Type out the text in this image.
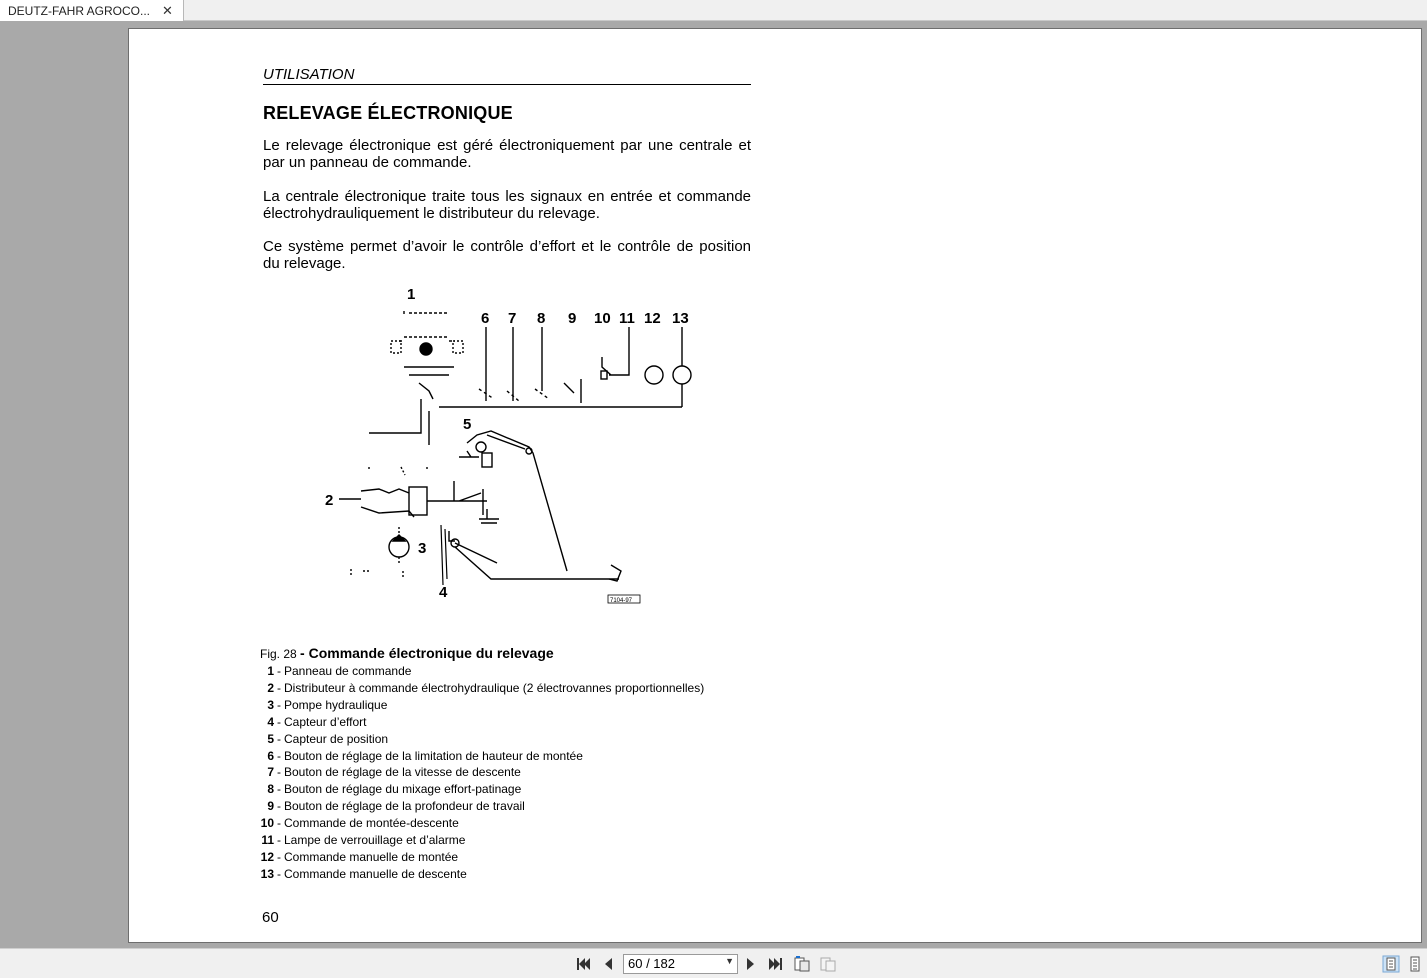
DEUTZ-FAHR AGROCO... ✕
UTILISATION
RELEVAGE ÉLECTRONIQUE
Le relevage électronique est géré électroniquement par une centrale et par un panneau de commande.
La centrale électronique traite tous les signaux en entrée et commande électrohydrauliquement le distributeur du relevage.
Ce système permet d’avoir le contrôle d’effort et le contrôle de position du relevage.
1
2
3
4
5
6 7 8 9 10 11 12 13
7104-97
Fig. 28 - Commande électronique du relevage
1 - Panneau de commande
2 - Distributeur à commande électrohydraulique (2 électrovannes proportionnelles)
3 - Pompe hydraulique
4 - Capteur d’effort
5 - Capteur de position
6 - Bouton de réglage de la limitation de hauteur de montée
7 - Bouton de réglage de la vitesse de descente
8 - Bouton de réglage du mixage effort-patinage
9 - Bouton de réglage de la profondeur de travail
10 - Commande de montée-descente
11 - Lampe de verrouillage et d’alarme
12 - Commande manuelle de montée
13 - Commande manuelle de descente
60
60 / 182	▼
